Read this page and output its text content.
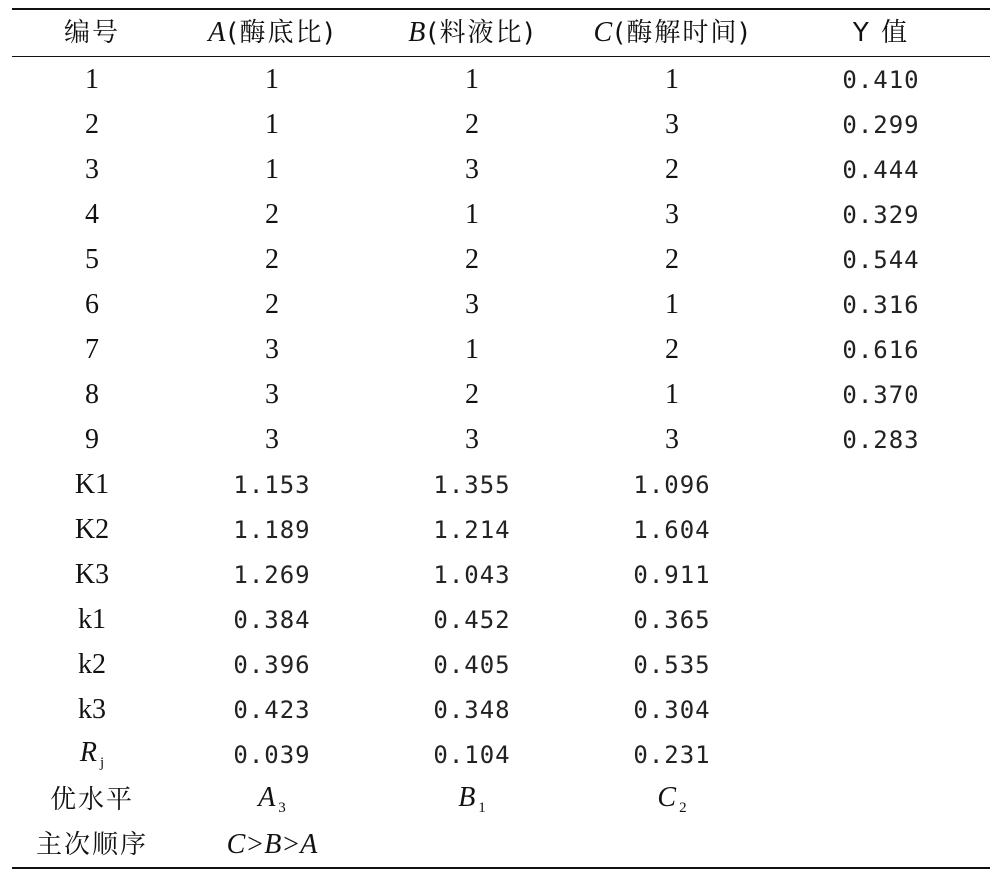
编号	A(酶底比)	B(料液比)	C(酶解时间)	Y 值
1	1	1	1	0.410
2	1	2	3	0.299
3	1	3	2	0.444
4	2	1	3	0.329
5	2	2	2	0.544
6	2	3	1	0.316
7	3	1	2	0.616
8	3	2	1	0.370
9	3	3	3	0.283
K1	1.153	1.355	1.096
K2	1.189	1.214	1.604
K3	1.269	1.043	0.911
k1	0.384	0.452	0.365
k2	0.396	0.405	0.535
k3	0.423	0.348	0.304
R $_j$	0.039	0.104	0.231
优水平	A $_3$	B $_1$	C $_2$
主次顺序	C>B>A
